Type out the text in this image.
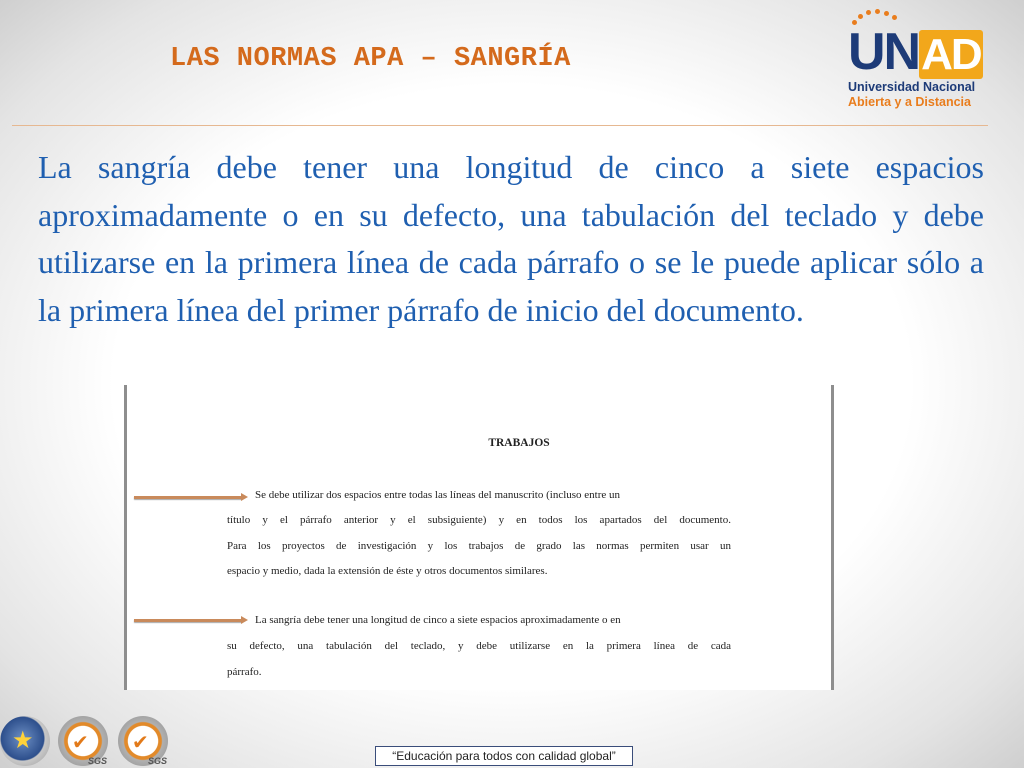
LAS NORMAS APA – SANGRÍA	UNAD
Universidad Nacional
Abierta y a Distancia

La sangría debe tener una longitud de cinco a siete espacios aproximadamente o en su defecto, una tabulación del teclado y debe utilizarse en la primera línea de cada párrafo o se le puede aplicar sólo a la primera línea del primer párrafo de inicio del documento.

TRABAJOS
Se debe utilizar dos espacios entre todas las líneas del manuscrito (incluso entre un
título y el párrafo anterior y el subsiguiente) y en todos los apartados del documento.
Para los proyectos de investigación y los trabajos de grado las normas permiten usar un
espacio y medio, dada la extensión de éste y otros documentos similares.
La sangría debe tener una longitud de cinco a siete espacios aproximadamente o en
su defecto, una tabulación del teclado, y debe utilizarse en la primera línea de cada
párrafo.
★ ✔
SGS
✔
SGS	“Educación para todos con calidad global”
